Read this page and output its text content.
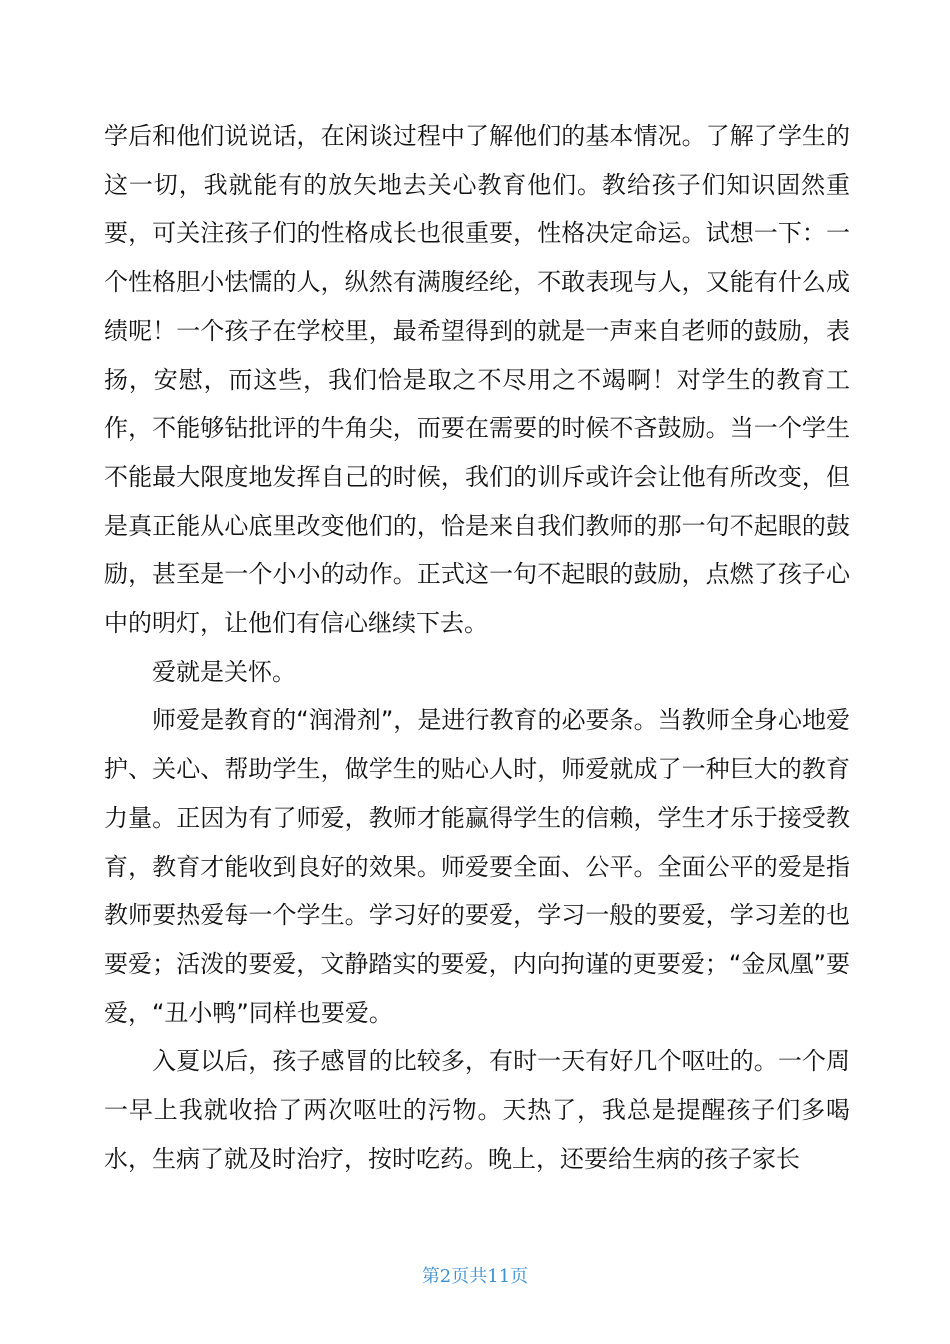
学后和他们说说话，在闲谈过程中了解他们的基本情况。了解了学生的这一切，我就能有的放矢地去关心教育他们。教给孩子们知识固然重要，可关注孩子们的性格成长也很重要，性格决定命运。试想一下：一个性格胆小怯懦的人，纵然有满腹经纶，不敢表现与人，又能有什么成绩呢！一个孩子在学校里，最希望得到的就是一声来自老师的鼓励，表扬，安慰，而这些，我们恰是取之不尽用之不竭啊！对学生的教育工作，不能够钻批评的牛角尖，而要在需要的时候不吝鼓励。当一个学生不能最大限度地发挥自己的时候，我们的训斥或许会让他有所改变，但是真正能从心底里改变他们的，恰是来自我们教师的那一句不起眼的鼓励，甚至是一个小小的动作。正式这一句不起眼的鼓励，点燃了孩子心中的明灯，让他们有信心继续下去。

爱就是关怀。

师爱是教育的“润滑剂”，是进行教育的必要条。当教师全身心地爱护、关心、帮助学生，做学生的贴心人时，师爱就成了一种巨大的教育力量。正因为有了师爱，教师才能赢得学生的信赖，学生才乐于接受教育，教育才能收到良好的效果。师爱要全面、公平。全面公平的爱是指教师要热爱每一个学生。学习好的要爱，学习一般的要爱，学习差的也要爱；活泼的要爱，文静踏实的要爱，内向拘谨的更要爱；“金凤凰”要爱，“丑小鸭”同样也要爱。

入夏以后，孩子感冒的比较多，有时一天有好几个呕吐的。一个周一早上我就收拾了两次呕吐的污物。天热了，我总是提醒孩子们多喝水，生病了就及时治疗，按时吃药。晚上，还要给生病的孩子家长

第2页共11页
